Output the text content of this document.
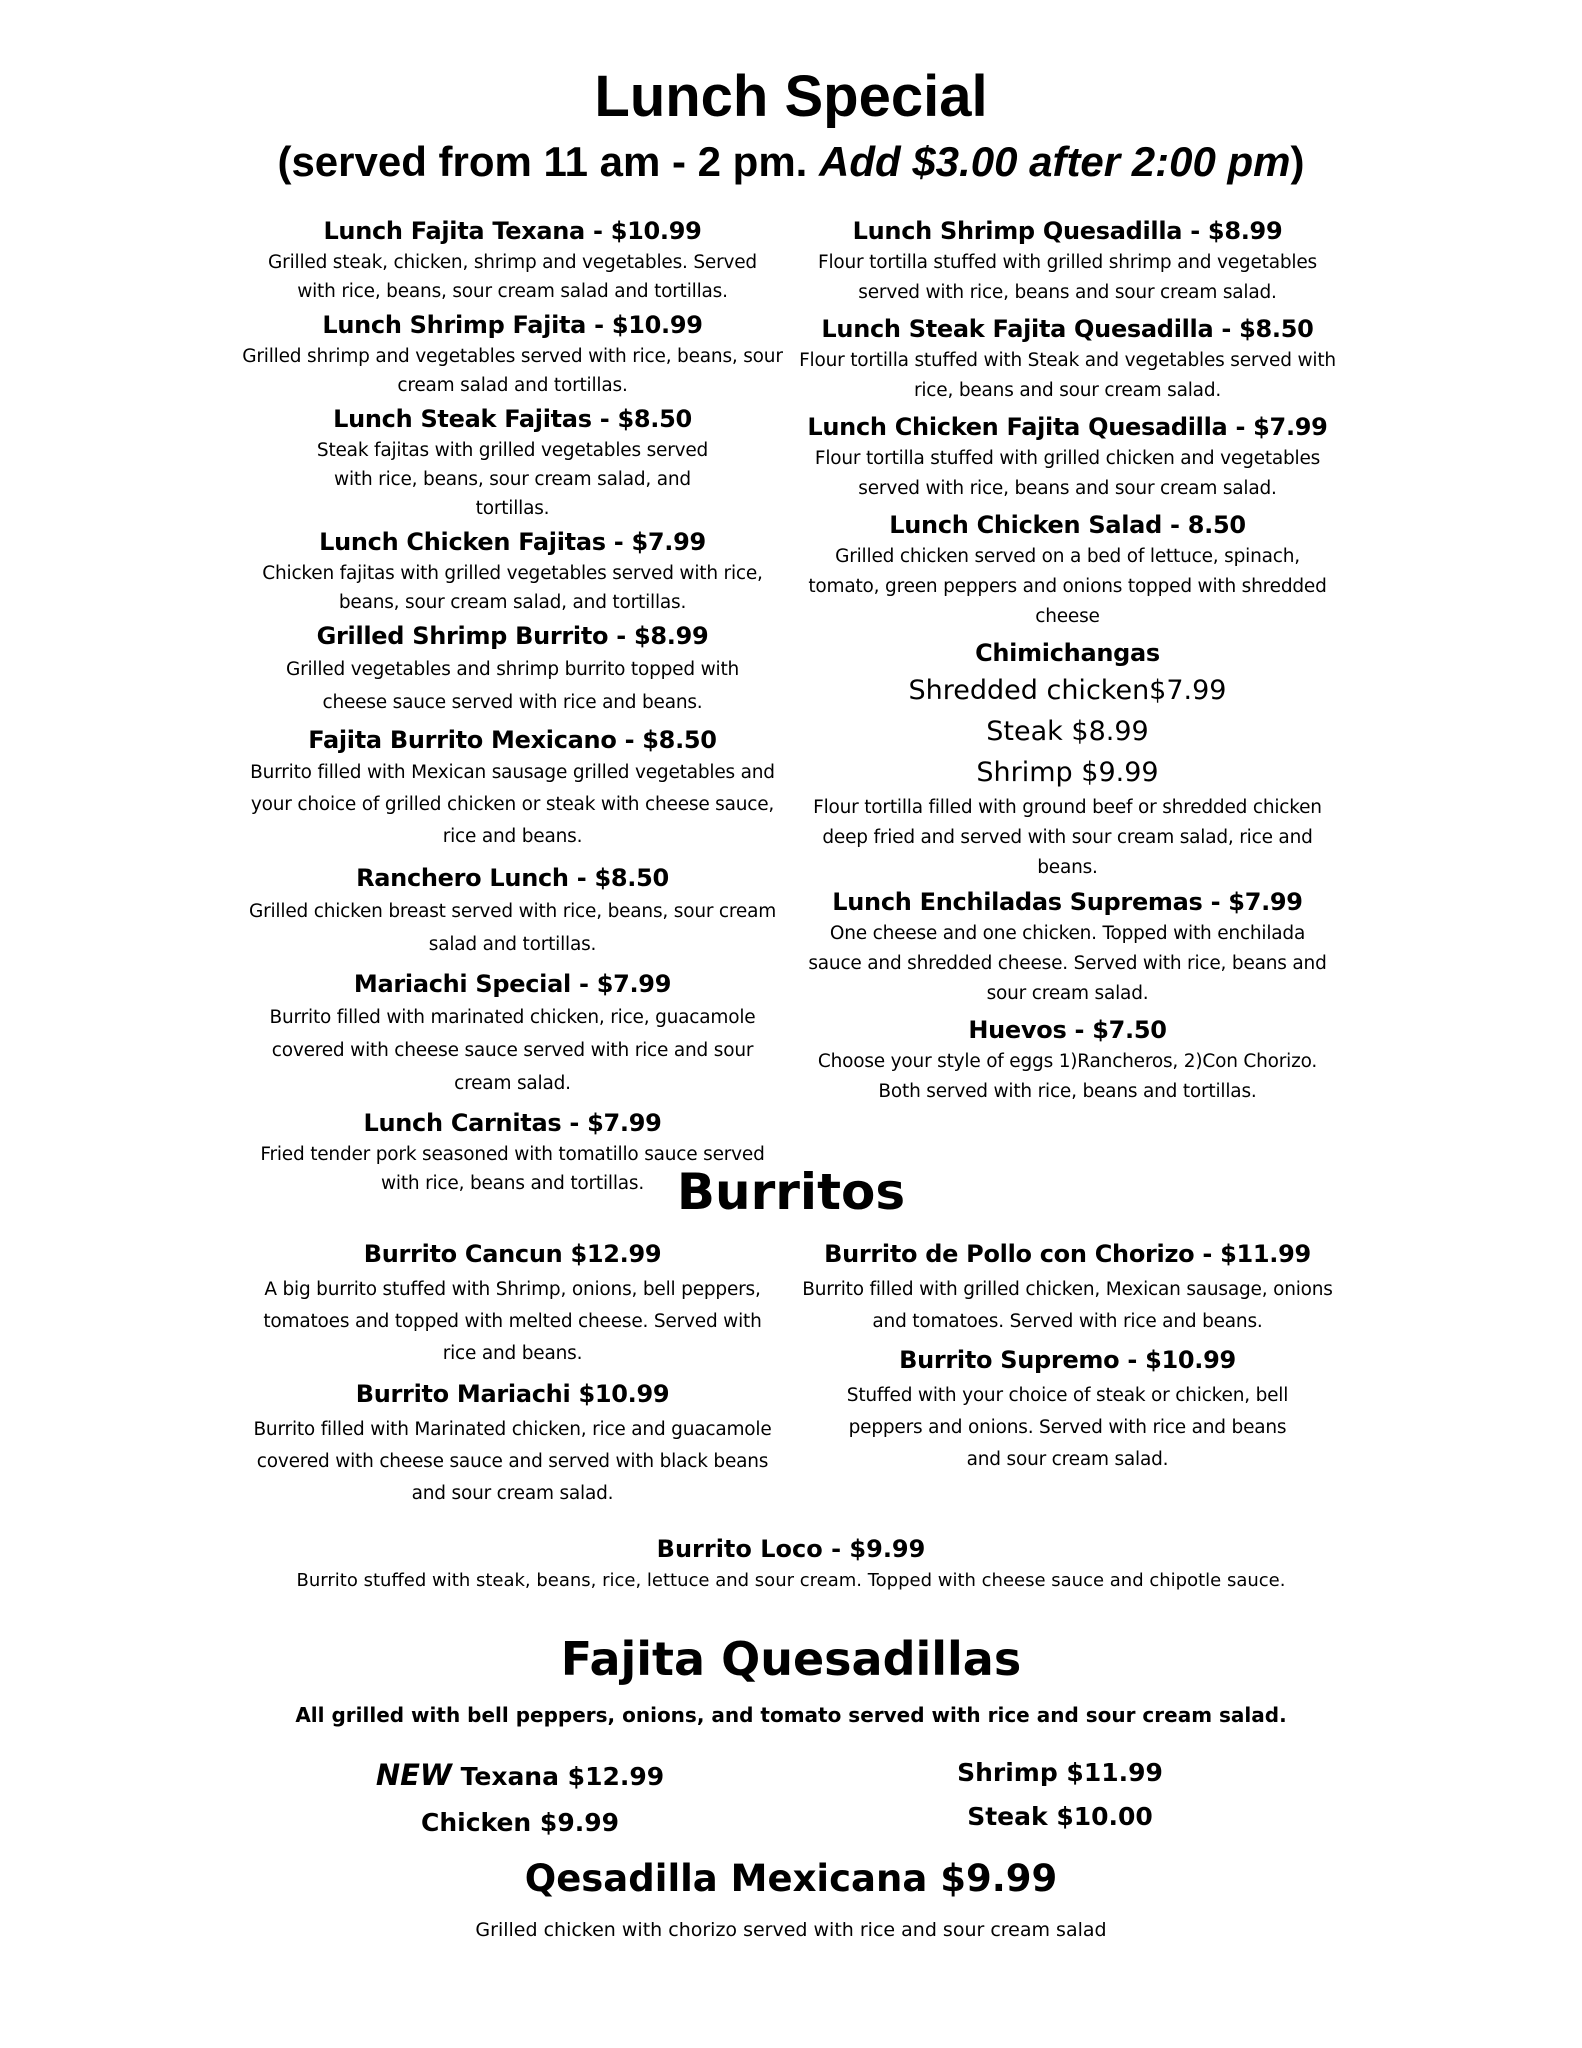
Lunch Special
(served from 11 am - 2 pm. Add $3.00 after 2:00 pm)
Lunch Fajita Texana - $10.99

Grilled steak, chicken, shrimp and vegetables. Served with rice, beans, sour cream salad and tortillas.

Lunch Shrimp Fajita - $10.99

Grilled shrimp and vegetables served with rice, beans, sour cream salad and tortillas.

Lunch Steak Fajitas - $8.50

Steak fajitas with grilled vegetables served with rice, beans, sour cream salad, and tortillas.

Lunch Chicken Fajitas - $7.99

Chicken fajitas with grilled vegetables served with rice, beans, sour cream salad, and tortillas.

Grilled Shrimp Burrito - $8.99

Grilled vegetables and shrimp burrito topped with cheese sauce served with rice and beans.

Fajita Burrito Mexicano - $8.50

Burrito filled with Mexican sausage grilled vegetables and your choice of grilled chicken or steak with cheese sauce, rice and beans.

Ranchero Lunch - $8.50

Grilled chicken breast served with rice, beans, sour cream salad and tortillas.

Mariachi Special - $7.99

Burrito filled with marinated chicken, rice, guacamole covered with cheese sauce served with rice and sour cream salad.

Lunch Carnitas - $7.99

Fried tender pork seasoned with tomatillo sauce served with rice, beans and tortillas.

Lunch Shrimp Quesadilla - $8.99

Flour tortilla stuffed with grilled shrimp and vegetables served with rice, beans and sour cream salad.

Lunch Steak Fajita Quesadilla - $8.50

Flour tortilla stuffed with Steak and vegetables served with rice, beans and sour cream salad.

Lunch Chicken Fajita Quesadilla - $7.99

Flour tortilla stuffed with grilled chicken and vegetables served with rice, beans and sour cream salad.

Lunch Chicken Salad - 8.50

Grilled chicken served on a bed of lettuce, spinach, tomato, green peppers and onions topped with shredded cheese

Chimichangas
Shredded chicken$7.99
Steak $8.99
Shrimp $9.99

Flour tortilla filled with ground beef or shredded chicken deep fried and served with sour cream salad, rice and beans.

Lunch Enchiladas Supremas - $7.99

One cheese and one chicken. Topped with enchilada sauce and shredded cheese. Served with rice, beans and sour cream salad.

Huevos - $7.50

Choose your style of eggs 1)Rancheros, 2)Con Chorizo. Both served with rice, beans and tortillas.

Burritos
Burrito Cancun $12.99

A big burrito stuffed with Shrimp, onions, bell peppers, tomatoes and topped with melted cheese. Served with rice and beans.

Burrito Mariachi $10.99

Burrito filled with Marinated chicken, rice and guacamole covered with cheese sauce and served with black beans and sour cream salad.

Burrito de Pollo con Chorizo - $11.99

Burrito filled with grilled chicken, Mexican sausage, onions and tomatoes. Served with rice and beans.

Burrito Supremo - $10.99

Stuffed with your choice of steak or chicken, bell peppers and onions. Served with rice and beans and sour cream salad.

Burrito Loco - $9.99

Burrito stuffed with steak, beans, rice, lettuce and sour cream. Topped with cheese sauce and chipotle sauce.

Fajita Quesadillas
All grilled with bell peppers, onions, and tomato served with rice and sour cream salad.
NEW Texana $12.99
Chicken $9.99
Shrimp $11.99
Steak $10.00
Qesadilla Mexicana $9.99
Grilled chicken with chorizo served with rice and sour cream salad
